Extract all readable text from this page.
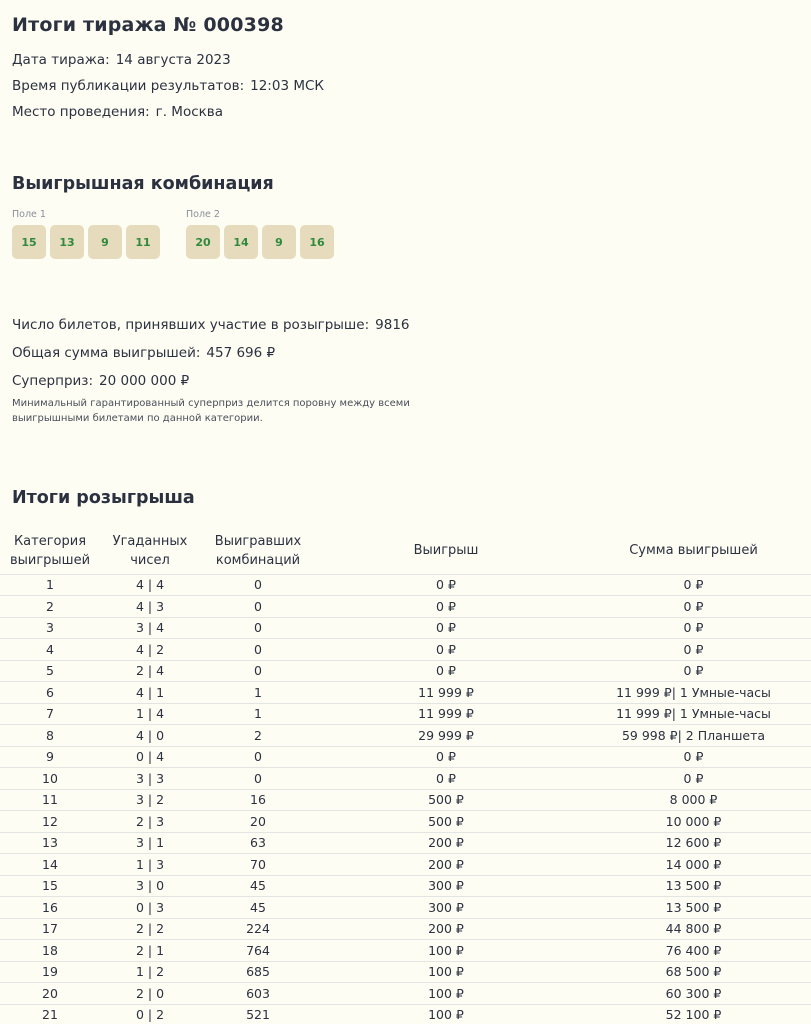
Итоги тиража № 000398
Дата тиража: 14 августа 2023
Время публикации результатов: 12:03 МСК
Место проведения: г. Москва
Выигрышная комбинация
Поле 1
15	13	9	11
Поле 2
20	14	9	16
Число билетов, принявших участие в розыгрыше: 9816
Общая сумма выигрышей: 457 696 ₽
Суперприз: 20 000 000 ₽
Минимальный гарантированный суперприз делится поровну между всеми выигрышными билетами по данной категории.
Итоги розыгрыша
Категория выигрышей	Угаданных чисел	Выигравших комбинаций	Выигрыш	Сумма выигрышей
1	4 | 4	0	0 ₽	0 ₽
2	4 | 3	0	0 ₽	0 ₽
3	3 | 4	0	0 ₽	0 ₽
4	4 | 2	0	0 ₽	0 ₽
5	2 | 4	0	0 ₽	0 ₽
6	4 | 1	1	11 999 ₽	11 999 ₽| 1 Умные-часы
7	1 | 4	1	11 999 ₽	11 999 ₽| 1 Умные-часы
8	4 | 0	2	29 999 ₽	59 998 ₽| 2 Планшета
9	0 | 4	0	0 ₽	0 ₽
10	3 | 3	0	0 ₽	0 ₽
11	3 | 2	16	500 ₽	8 000 ₽
12	2 | 3	20	500 ₽	10 000 ₽
13	3 | 1	63	200 ₽	12 600 ₽
14	1 | 3	70	200 ₽	14 000 ₽
15	3 | 0	45	300 ₽	13 500 ₽
16	0 | 3	45	300 ₽	13 500 ₽
17	2 | 2	224	200 ₽	44 800 ₽
18	2 | 1	764	100 ₽	76 400 ₽
19	1 | 2	685	100 ₽	68 500 ₽
20	2 | 0	603	100 ₽	60 300 ₽
21	0 | 2	521	100 ₽	52 100 ₽
